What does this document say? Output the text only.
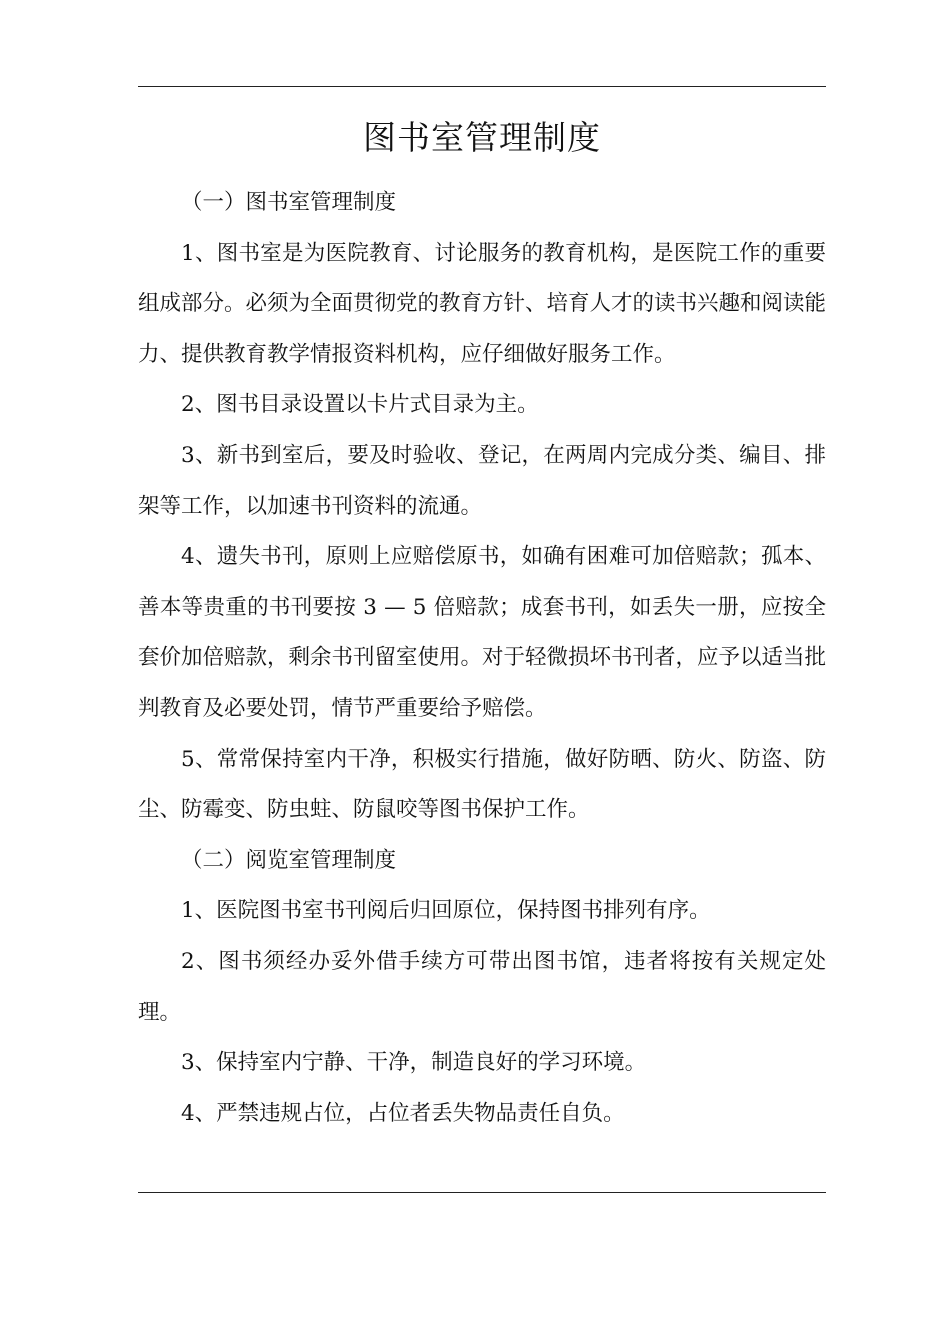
图书室管理制度

（一）图书室管理制度

1、图书室是为医院教育、讨论服务的教育机构，是医院工作的重要组成部分。必须为全面贯彻党的教育方针、培育人才的读书兴趣和阅读能力、提供教育教学情报资料机构，应仔细做好服务工作。

2、图书目录设置以卡片式目录为主。

3、新书到室后，要及时验收、登记，在两周内完成分类、编目、排架等工作，以加速书刊资料的流通。

4、遗失书刊，原则上应赔偿原书，如确有困难可加倍赔款；孤本、善本等贵重的书刊要按 3 — 5 倍赔款；成套书刊，如丢失一册，应按全套价加倍赔款，剩余书刊留室使用。对于轻微损坏书刊者，应予以适当批判教育及必要处罚，情节严重要给予赔偿。

5、常常保持室内干净，积极实行措施，做好防晒、防火、防盗、防尘、防霉变、防虫蛀、防鼠咬等图书保护工作。

（二）阅览室管理制度

1、医院图书室书刊阅后归回原位，保持图书排列有序。

2、图书须经办妥外借手续方可带出图书馆，违者将按有关规定处理。

3、保持室内宁静、干净，制造良好的学习环境。

4、严禁违规占位，占位者丢失物品责任自负。
